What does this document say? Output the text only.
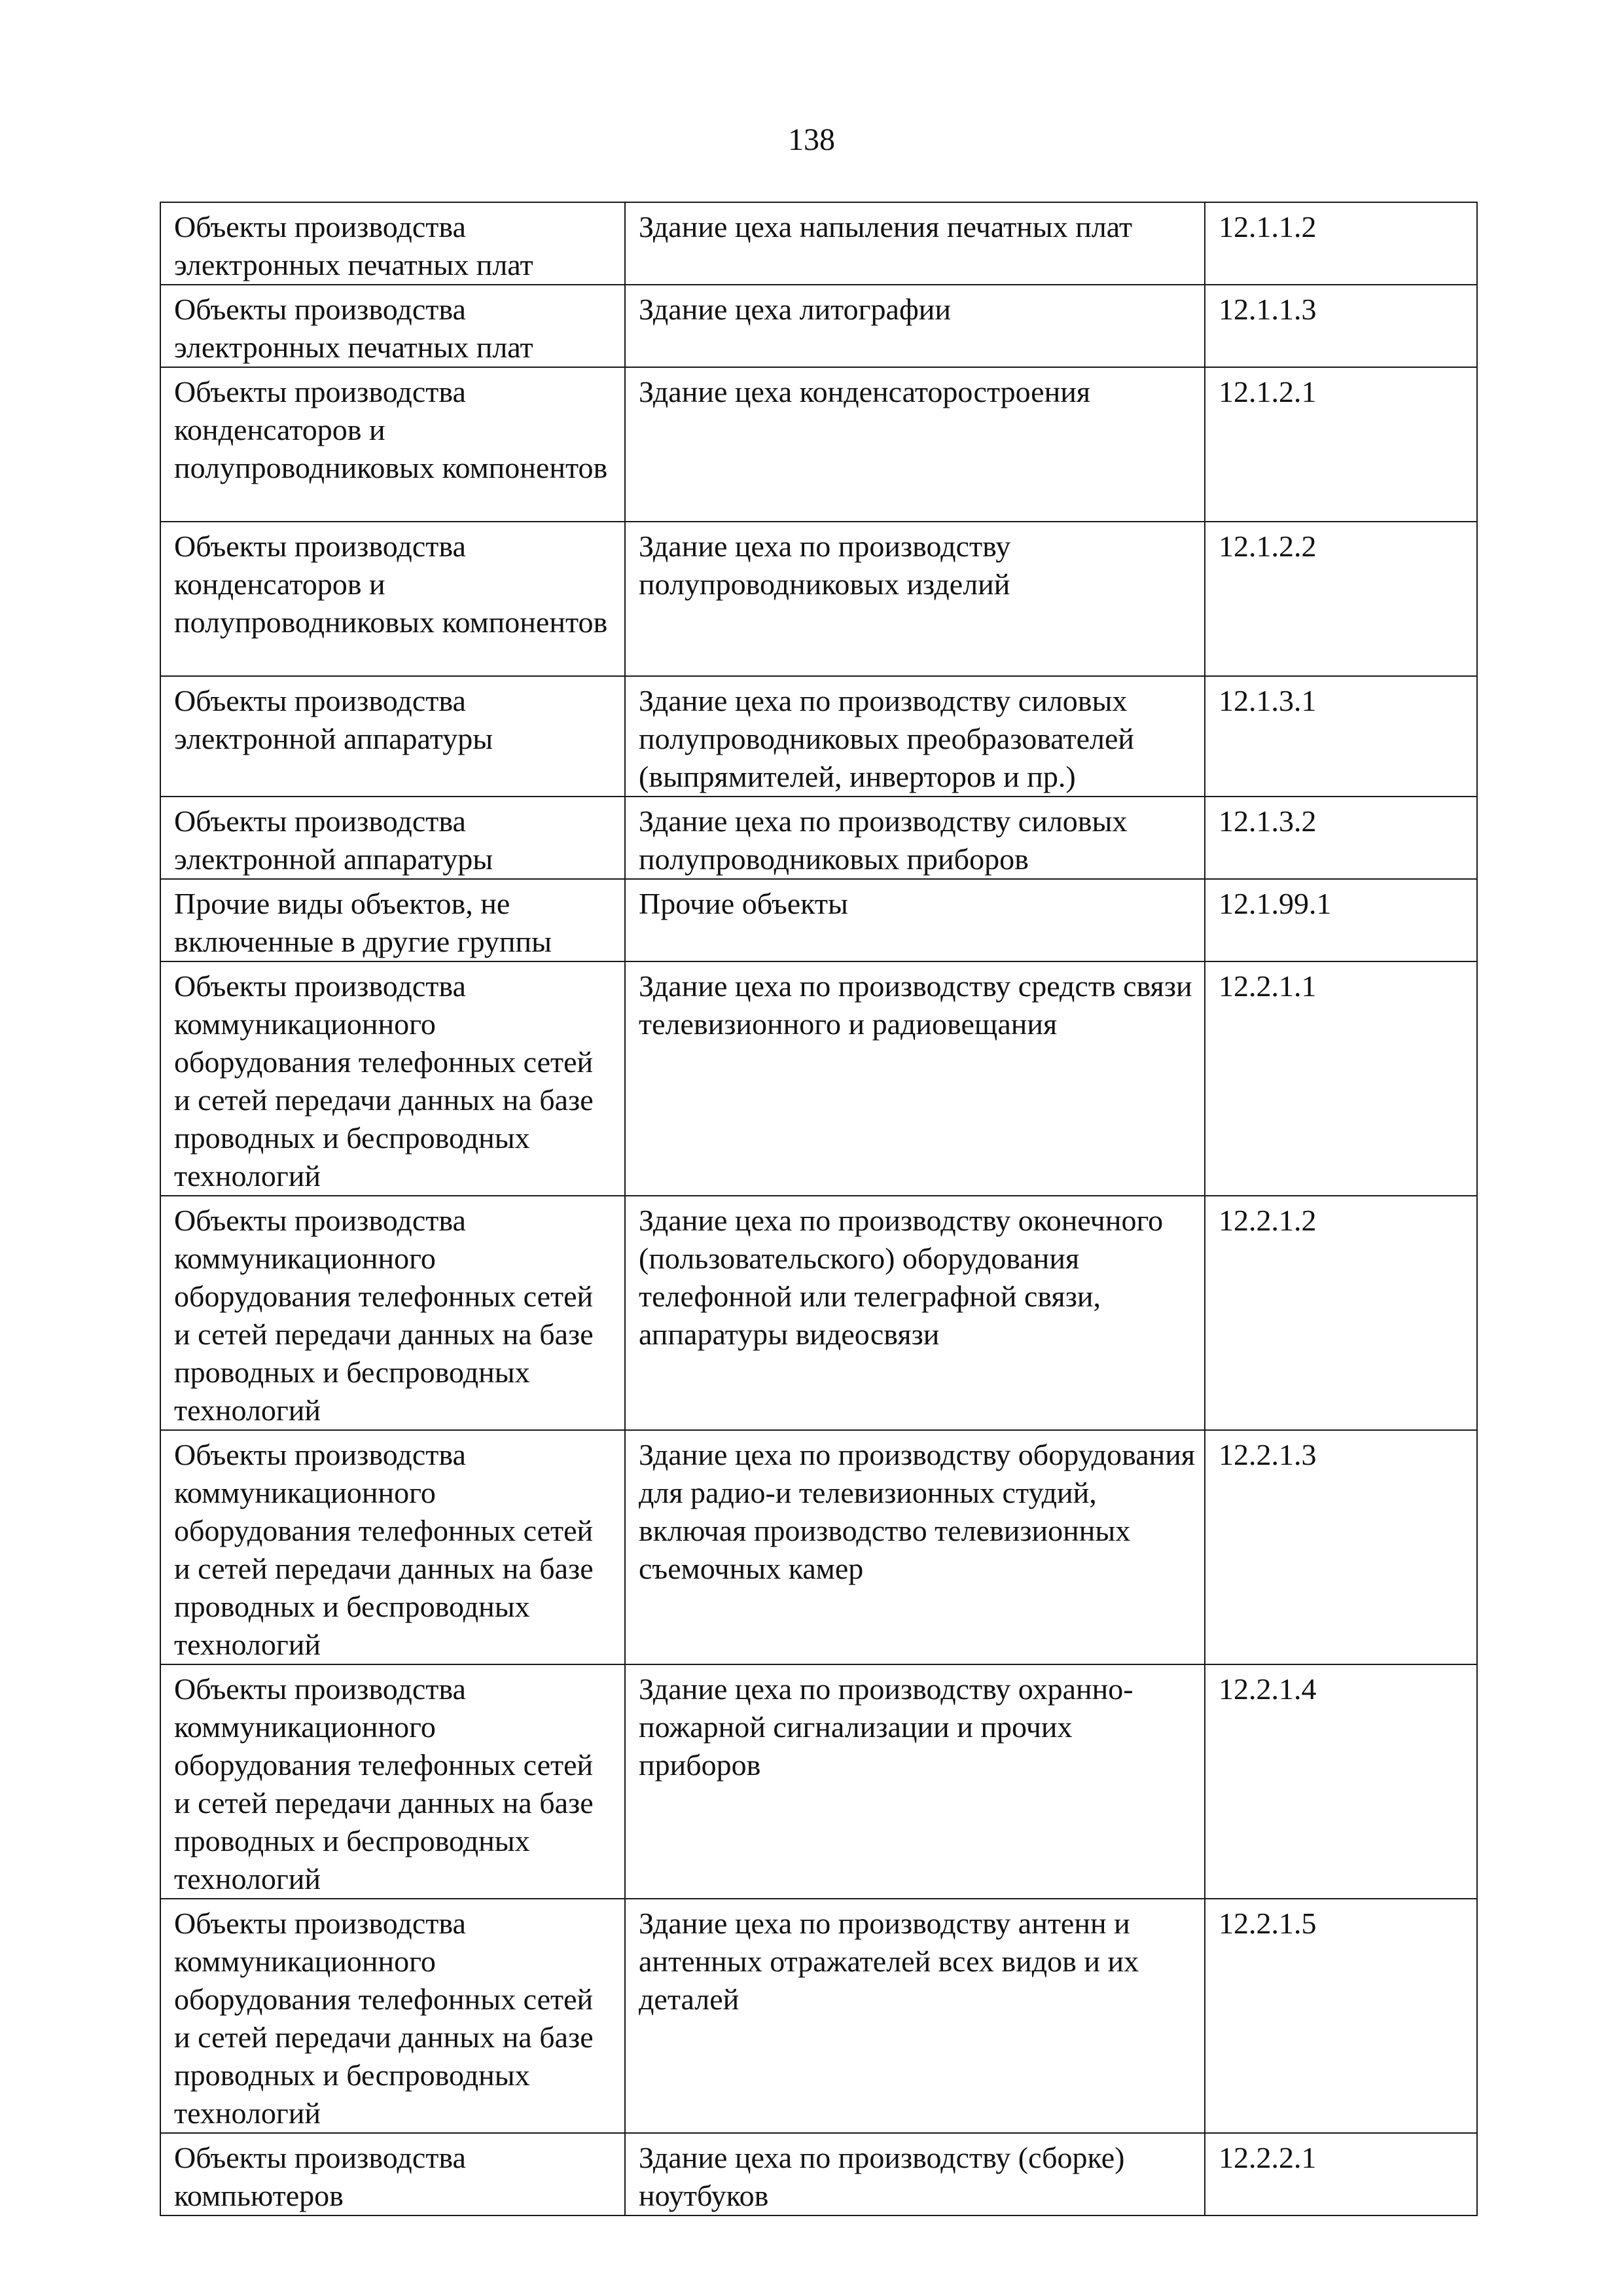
138
Объекты производства электронных печатных плат	Здание цеха напыления печатных плат	12.1.1.2
Объекты производства электронных печатных плат	Здание цеха литографии	12.1.1.3
Объекты производства конденсаторов и полупроводниковых компонентов	Здание цеха конденсаторостроения	12.1.2.1
Объекты производства конденсаторов и полупроводниковых компонентов	Здание цеха по производству полупроводниковых изделий	12.1.2.2
Объекты производства электронной аппаратуры	Здание цеха по производству силовых полупроводниковых преобразователей (выпрямителей, инверторов и пр.)	12.1.3.1
Объекты производства электронной аппаратуры	Здание цеха по производству силовых полупроводниковых приборов	12.1.3.2
Прочие виды объектов, не включенные в другие группы	Прочие объекты	12.1.99.1
Объекты производства коммуникационного оборудования телефонных сетей и сетей передачи данных на базе проводных и беспроводных технологий	Здание цеха по производству средств связи телевизионного и радиовещания	12.2.1.1
Объекты производства коммуникационного оборудования телефонных сетей и сетей передачи данных на базе проводных и беспроводных технологий	Здание цеха по производству оконечного (пользовательского) оборудования телефонной или телеграфной связи, аппаратуры видеосвязи	12.2.1.2
Объекты производства коммуникационного оборудования телефонных сетей и сетей передачи данных на базе проводных и беспроводных технологий	Здание цеха по производству оборудования для радио-и телевизионных студий, включая производство телевизионных съемочных камер	12.2.1.3
Объекты производства коммуникационного оборудования телефонных сетей и сетей передачи данных на базе проводных и беспроводных технологий	Здание цеха по производству охранно-пожарной сигнализации и прочих приборов	12.2.1.4
Объекты производства коммуникационного оборудования телефонных сетей и сетей передачи данных на базе проводных и беспроводных технологий	Здание цеха по производству антенн и антенных отражателей всех видов и их деталей	12.2.1.5
Объекты производства компьютеров	Здание цеха по производству (сборке) ноутбуков	12.2.2.1
